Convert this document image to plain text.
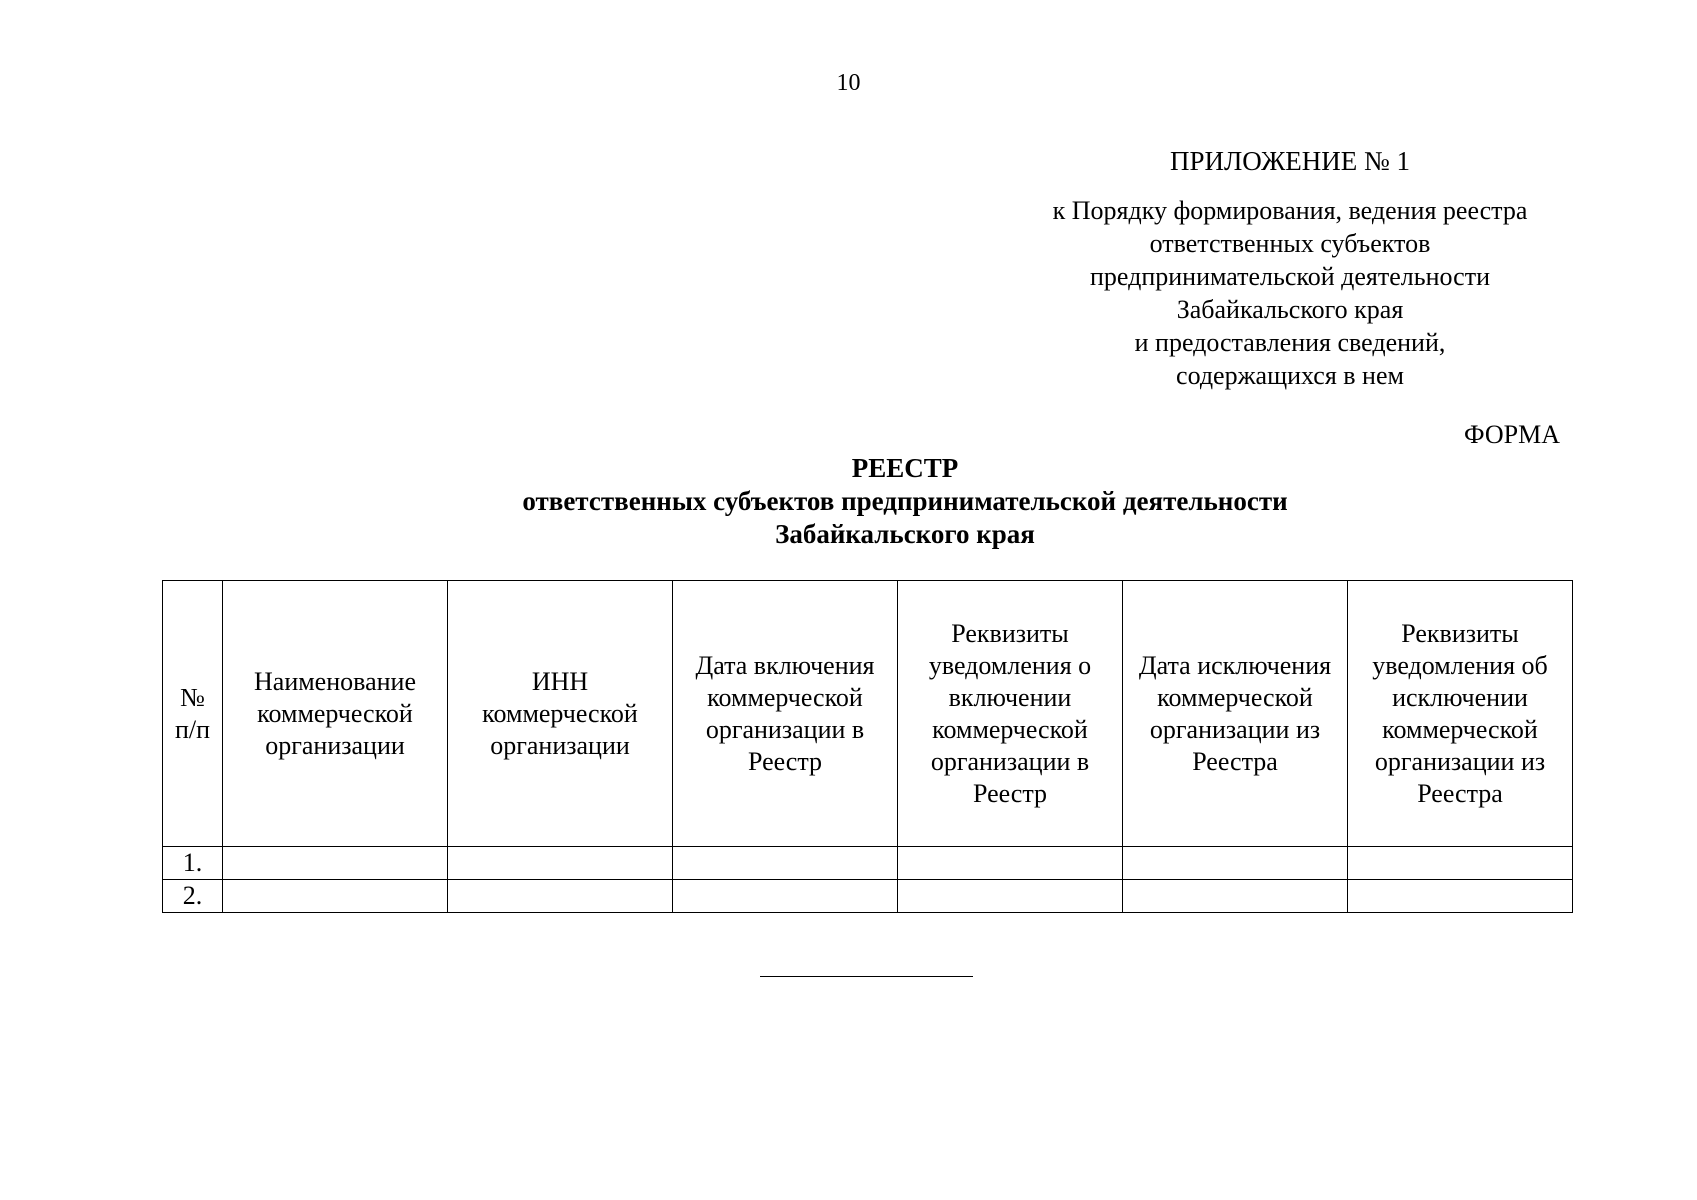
10
ПРИЛОЖЕНИЕ № 1
к Порядку формирования, ведения реестра
ответственных субъектов
предпринимательской деятельности
Забайкальского края
и предоставления сведений,
содержащихся в нем
ФОРМА
РЕЕСТР
ответственных субъектов предпринимательской деятельности
Забайкальского края
№ п/п	Наименование коммерческой организации	ИНН коммерческой организации	Дата включения коммерческой организации в Реестр	Реквизиты уведомления о включении коммерческой организации в Реестр	Дата исключения коммерческой организации из Реестра	Реквизиты уведомления об исключении коммерческой организации из Реестра
1.						
2.						
